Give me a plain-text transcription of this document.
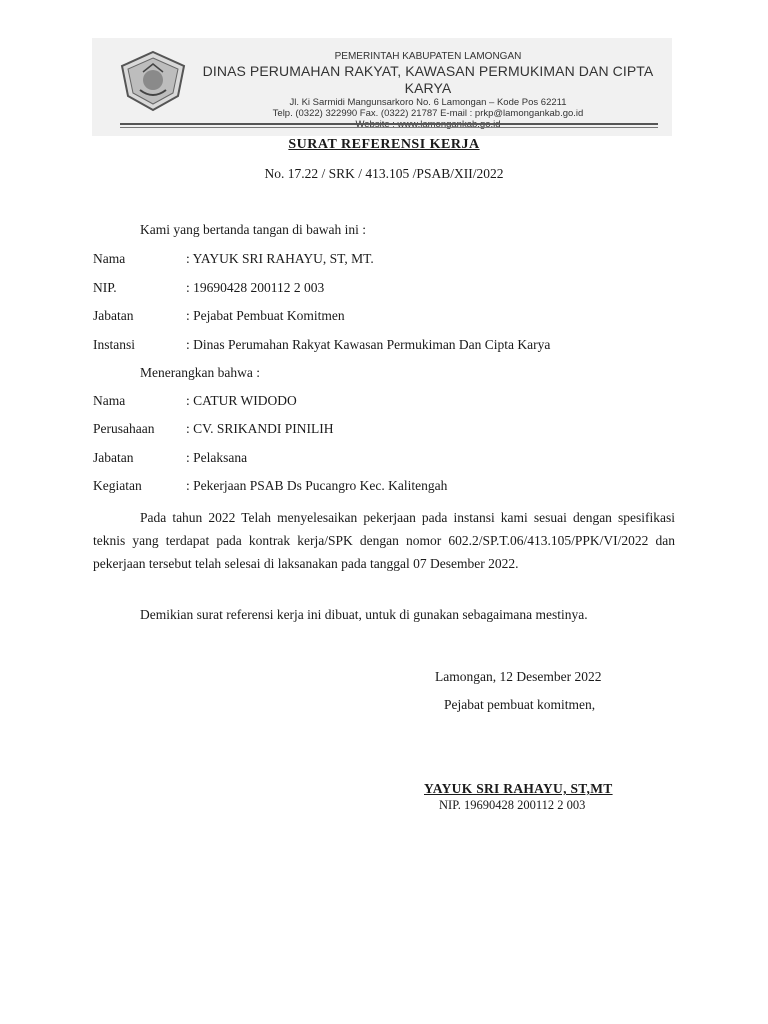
PEMERINTAH KABUPATEN LAMONGAN
DINAS PERUMAHAN RAKYAT, KAWASAN PERMUKIMAN DAN CIPTA KARYA
Jl. Ki Sarmidi Mangunsarkoro No. 6 Lamongan – Kode Pos 62211
Telp. (0322) 322990 Fax. (0322) 21787 E-mail : prkp@lamongankab.go.id
SURAT REFERENSI KERJA
No. 17.22 / SRK / 413.105 /PSAB/XII/2022
Kami yang bertanda tangan di bawah ini :
Nama	: YAYUK SRI RAHAYU, ST, MT.
NIP.	: 19690428 200112 2 003
Jabatan	: Pejabat Pembuat Komitmen
Instansi	: Dinas Perumahan Rakyat Kawasan Permukiman Dan Cipta Karya
Menerangkan bahwa :
Nama	: CATUR WIDODO
Perusahaan : CV. SRIKANDI PINILIH
Jabatan	: Pelaksana
Kegiatan	: Pekerjaan PSAB Ds Pucangro Kec. Kalitengah
Pada tahun 2022 Telah menyelesaikan pekerjaan pada instansi kami sesuai dengan spesifikasi teknis yang terdapat pada kontrak kerja/SPK dengan nomor 602.2/SP.T.06/413.105/PPK/VI/2022 dan pekerjaan tersebut telah selesai di laksanakan pada tanggal 07 Desember 2022.
Demikian surat referensi kerja ini dibuat, untuk di gunakan sebagaimana mestinya.
Lamongan, 12 Desember 2022
Pejabat pembuat komitmen,
YAYUK SRI RAHAYU, ST,MT
NIP. 19690428 200112 2 003
